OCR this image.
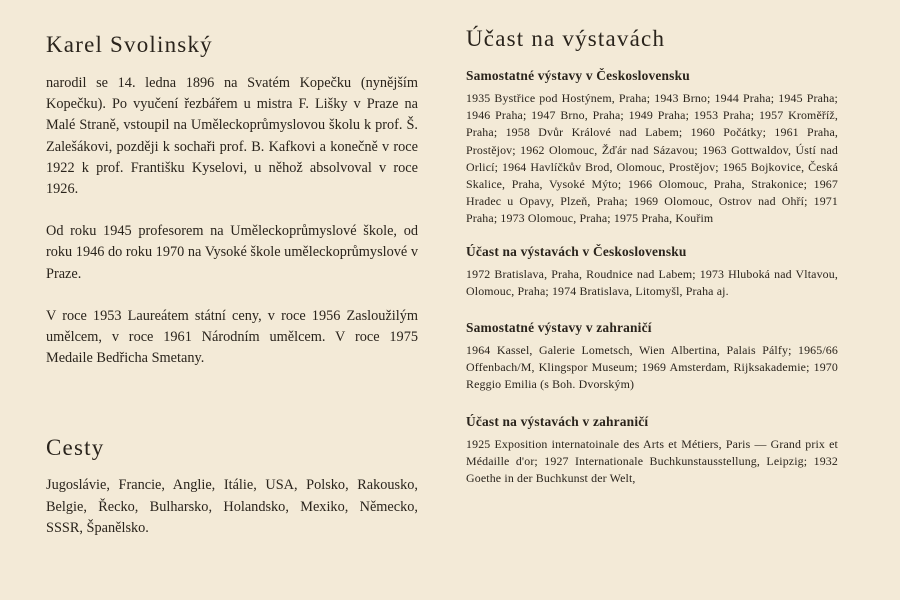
Karel Svolinský

narodil se 14. ledna 1896 na Svatém Kopečku (nynějším Kopečku). Po vyučení řezbářem u mistra F. Lišky v Praze na Malé Straně, vstoupil na Uměleckoprůmyslovou školu k prof. Š. Zalešákovi, později k sochaři prof. B. Kafkovi a konečně v roce 1922 k prof. Františku Kyselovi, u něhož absolvoval v roce 1926.

Od roku 1945 profesorem na Uměleckoprůmyslové škole, od roku 1946 do roku 1970 na Vysoké škole uměleckoprůmyslové v Praze.

V roce 1953 Laureátem státní ceny, v roce 1956 Zasloužilým umělcem, v roce 1961 Národním umělcem. V roce 1975 Medaile Bedřicha Smetany.

Cesty

Jugoslávie, Francie, Anglie, Itálie, USA, Polsko, Rakousko, Belgie, Řecko, Bulharsko, Holandsko, Mexiko, Německo, SSSR, Španělsko.

Účast na výstavách
Samostatné výstavy v Československu

1935 Bystřice pod Hostýnem, Praha; 1943 Brno; 1944 Praha; 1945 Praha; 1946 Praha; 1947 Brno, Praha; 1949 Praha; 1953 Praha; 1957 Kroměříž, Praha; 1958 Dvůr Králové nad Labem; 1960 Počátky; 1961 Praha, Prostějov; 1962 Olomouc, Žďár nad Sázavou; 1963 Gottwaldov, Ústí nad Orlicí; 1964 Havlíčkův Brod, Olomouc, Prostějov; 1965 Bojkovice, Česká Skalice, Praha, Vysoké Mýto; 1966 Olomouc, Praha, Strakonice; 1967 Hradec u Opavy, Plzeň, Praha; 1969 Olomouc, Ostrov nad Ohří; 1971 Praha; 1973 Olomouc, Praha; 1975 Praha, Kouřim

Účast na výstavách v Československu

1972 Bratislava, Praha, Roudnice nad Labem; 1973 Hluboká nad Vltavou, Olomouc, Praha; 1974 Bratislava, Litomyšl, Praha aj.

Samostatné výstavy v zahraničí

1964 Kassel, Galerie Lometsch, Wien Albertina, Palais Pálfy; 1965/66 Offenbach/M, Klingspor Museum; 1969 Amsterdam, Rijksakademie; 1970 Reggio Emilia (s Boh. Dvorským)

Účast na výstavách v zahraničí

1925 Exposition internatoinale des Arts et Métiers, Paris — Grand prix et Médaille d'or; 1927 Internationale Buchkunstausstellung, Leipzig; 1932 Goethe in der Buchkunst der Welt,
